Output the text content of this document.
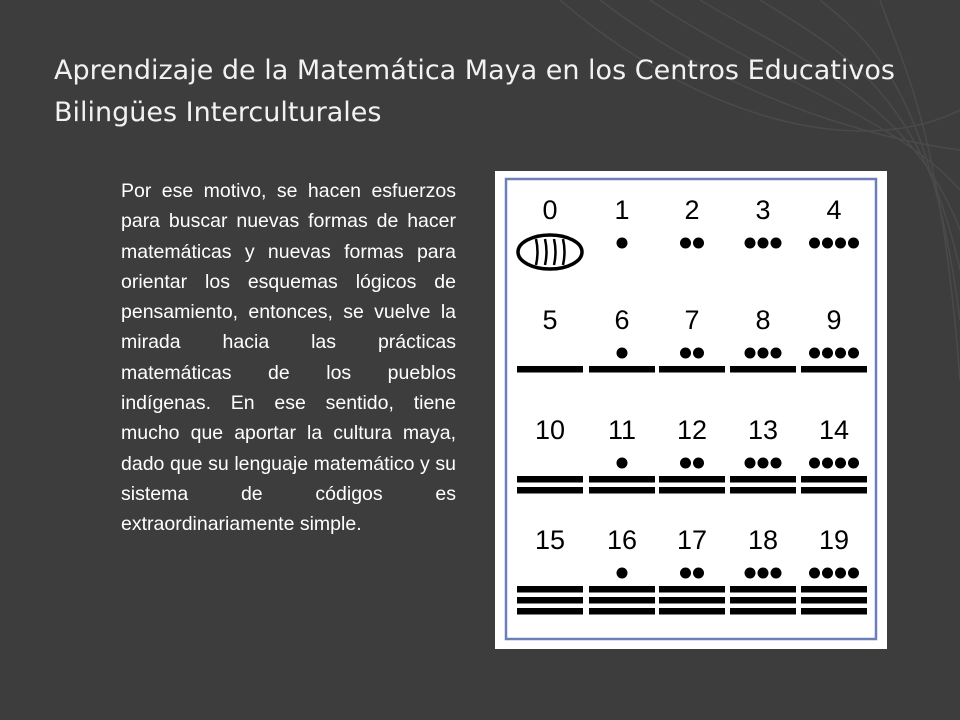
Aprendizaje de la Matemática Maya en los Centros Educativos Bilingües Interculturales

Por ese motivo, se hacen esfuerzos para buscar nuevas formas de hacer matemáticas y nuevas formas para orientar los esquemas lógicos de pensamiento, entonces, se vuelve la mirada hacia las prácticas matemáticas de los pueblos indígenas. En ese sentido, tiene mucho que aportar la cultura maya, dado que su lenguaje matemático y su sistema de códigos es extraordinariamente simple.

0 1 2 3 4
5 6 7 8 9
10 11 12 13 14
15 16 17 18 19
